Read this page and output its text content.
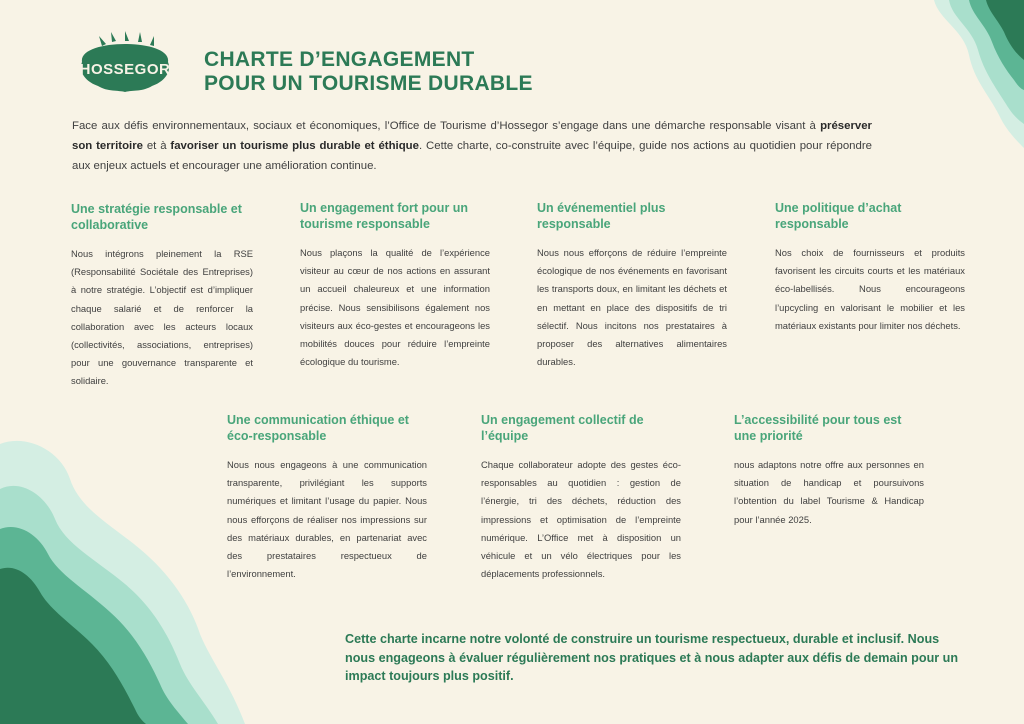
HOSSEGOR CHARTE D’ENGAGEMENT
POUR UN TOURISME DURABLE

Face aux défis environnementaux, sociaux et économiques, l’Office de Tourisme d’Hossegor s’engage dans une démarche responsable visant à préserver son territoire et à favoriser un tourisme plus durable et éthique. Cette charte, co-construite avec l’équipe, guide nos actions au quotidien pour répondre aux enjeux actuels et encourager une amélioration continue.

Une stratégie responsable et collaborative

Nous intégrons pleinement la RSE (Responsabilité Sociétale des Entreprises) à notre stratégie. L’objectif est d’impliquer chaque salarié et de renforcer la collaboration avec les acteurs locaux (collectivités, associations, entreprises) pour une gouvernance transparente et solidaire.

Un engagement fort pour un tourisme responsable

Nous plaçons la qualité de l’expérience visiteur au cœur de nos actions en assurant un accueil chaleureux et une information précise. Nous sensibilisons également nos visiteurs aux éco-gestes et encourageons les mobilités douces pour réduire l’empreinte écologique du tourisme.

Un événementiel plus responsable

Nous nous efforçons de réduire l’empreinte écologique de nos événements en favorisant les transports doux, en limitant les déchets et en mettant en place des dispositifs de tri sélectif. Nous incitons nos prestataires à proposer des alternatives alimentaires durables.

Une politique d’achat responsable

Nos choix de fournisseurs et produits favorisent les circuits courts et les matériaux éco-labellisés. Nous encourageons l’upcycling en valorisant le mobilier et les matériaux existants pour limiter nos déchets.

Une communication éthique et éco-responsable

Nous nous engageons à une communication transparente, privilégiant les supports numériques et limitant l’usage du papier. Nous nous efforçons de réaliser nos impressions sur des matériaux durables, en partenariat avec des prestataires respectueux de l’environnement.

Un engagement collectif de l’équipe

Chaque collaborateur adopte des gestes éco-responsables au quotidien : gestion de l’énergie, tri des déchets, réduction des impressions et optimisation de l’empreinte numérique. L’Office met à disposition un véhicule et un vélo électriques pour les déplacements professionnels.

L’accessibilité pour tous est une priorité

nous adaptons notre offre aux personnes en situation de handicap et poursuivons l’obtention du label Tourisme & Handicap pour l’année 2025.

Cette charte incarne notre volonté de construire un tourisme respectueux, durable et inclusif. Nous nous engageons à évaluer régulièrement nos pratiques et à nous adapter aux défis de demain pour un impact toujours plus positif.
